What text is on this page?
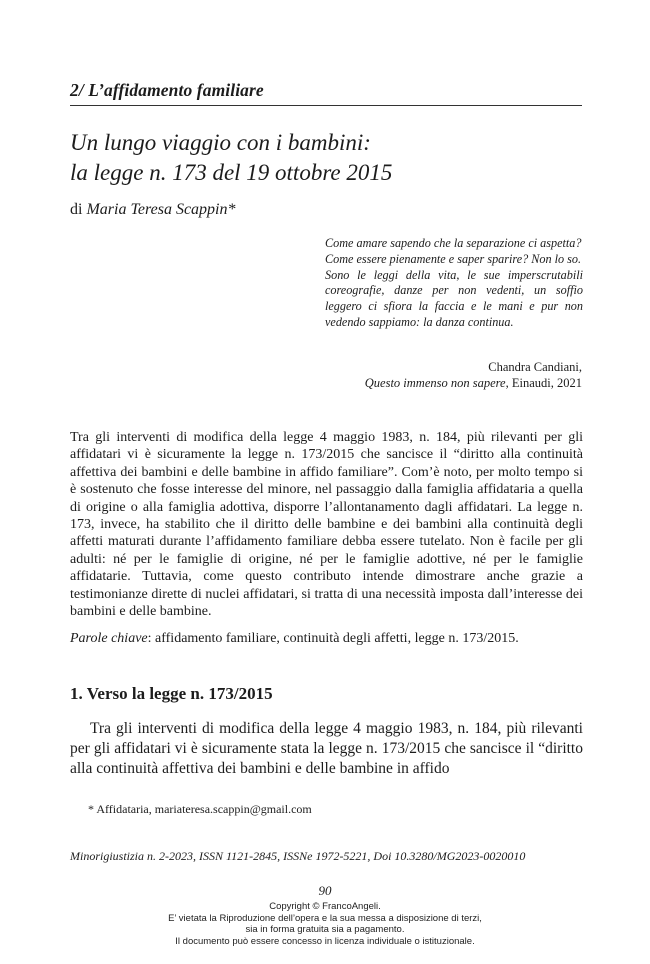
2/ L’affidamento familiare
Un lungo viaggio con i bambini:
la legge n. 173 del 19 ottobre 2015
di Maria Teresa Scappin*
Come amare sapendo che la separazione ci aspetta?
Come essere pienamente e saper sparire? Non lo so.
Sono le leggi della vita, le sue imperscrutabili coreografie, danze per non vedenti, un soffio leggero ci sfiora la faccia e le mani e pur non vedendo sappiamo: la danza continua.
Chandra Candiani,
Questo immenso non sapere, Einaudi, 2021
Tra gli interventi di modifica della legge 4 maggio 1983, n. 184, più rilevanti per gli affidatari vi è sicuramente la legge n. 173/2015 che sancisce il “diritto alla continuità affettiva dei bambini e delle bambine in affido familiare”. Com’è noto, per molto tempo si è sostenuto che fosse interesse del minore, nel passaggio dalla famiglia affidataria a quella di origine o alla famiglia adottiva, disporre l’allontanamento dagli affidatari. La legge n. 173, invece, ha stabilito che il diritto delle bambine e dei bambini alla continuità degli affetti maturati durante l’affidamento familiare debba essere tutelato. Non è facile per gli adulti: né per le famiglie di origine, né per le famiglie adottive, né per le famiglie affidatarie. Tuttavia, come questo contributo intende dimostrare anche grazie a testimonianze dirette di nuclei affidatari, si tratta di una necessità imposta dall’interesse dei bambini e delle bambine.
Parole chiave: affidamento familiare, continuità degli affetti, legge n. 173/2015.
1. Verso la legge n. 173/2015
Tra gli interventi di modifica della legge 4 maggio 1983, n. 184, più rilevanti per gli affidatari vi è sicuramente stata la legge n. 173/2015 che sancisce il “diritto alla continuità affettiva dei bambini e delle bambine in affido
* Affidataria, mariateresa.scappin@gmail.com
Minorigiustizia n. 2-2023, ISSN 1121-2845, ISSNe 1972-5221, Doi 10.3280/MG2023-0020010
90
Copyright © FrancoAngeli.
E’ vietata la Riproduzione dell’opera e la sua messa a disposizione di terzi,
sia in forma gratuita sia a pagamento.
Il documento può essere concesso in licenza individuale o istituzionale.
